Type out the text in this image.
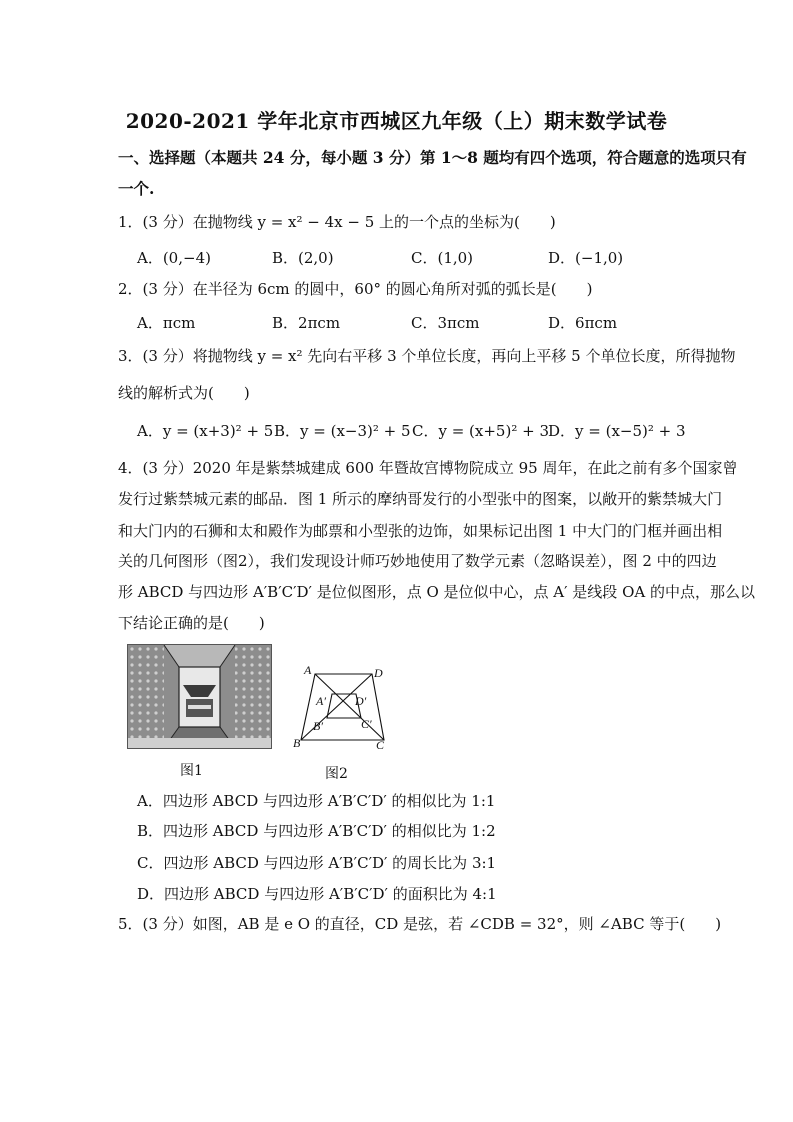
2020-2021 学年北京市西城区九年级（上）期末数学试卷
一、选择题（本题共 24 分，每小题 3 分）第 1～8 题均有四个选项，符合题意的选项只有
一个.
1．(3 分）在抛物线 y = x² − 4x − 5 上的一个点的坐标为(　　)
A．(0,−4)	B．(2,0)	C．(1,0)	D．(−1,0)
2．(3 分）在半径为 6cm 的圆中，60° 的圆心角所对弧的弧长是(　　)
A．πcm	B．2πcm	C．3πcm	D．6πcm
3．(3 分）将抛物线 y = x² 先向右平移 3 个单位长度，再向上平移 5 个单位长度，所得抛物
线的解析式为(　　)
A．y = (x+3)² + 5 B．y = (x−3)² + 5 C．y = (x+5)² + 3 D．y = (x−5)² + 3
4．(3 分）2020 年是紫禁城建成 600 年暨故宫博物院成立 95 周年，在此之前有多个国家曾
发行过紫禁城元素的邮品．图 1 所示的摩纳哥发行的小型张中的图案，以敞开的紫禁城大门
和大门内的石狮和太和殿作为邮票和小型张的边饰，如果标记出图 1 中大门的门框并画出相
关的几何图形（图2），我们发现设计师巧妙地使用了数学元素（忽略误差），图 2 中的四边
形 ABCD 与四边形 A′B′C′D′ 是位似图形，点 O 是位似中心，点 A′ 是线段 OA 的中点，那么以
下结论正确的是(　　)
图1
A	D
D′
A′
B′	C′
B	C
图2
A．四边形 ABCD 与四边形 A′B′C′D′ 的相似比为 1:1
B．四边形 ABCD 与四边形 A′B′C′D′ 的相似比为 1:2
C．四边形 ABCD 与四边形 A′B′C′D′ 的周长比为 3:1
D．四边形 ABCD 与四边形 A′B′C′D′ 的面积比为 4:1
5．(3 分）如图，AB 是 e O 的直径，CD 是弦，若 ∠CDB = 32°，则 ∠ABC 等于(　　)
